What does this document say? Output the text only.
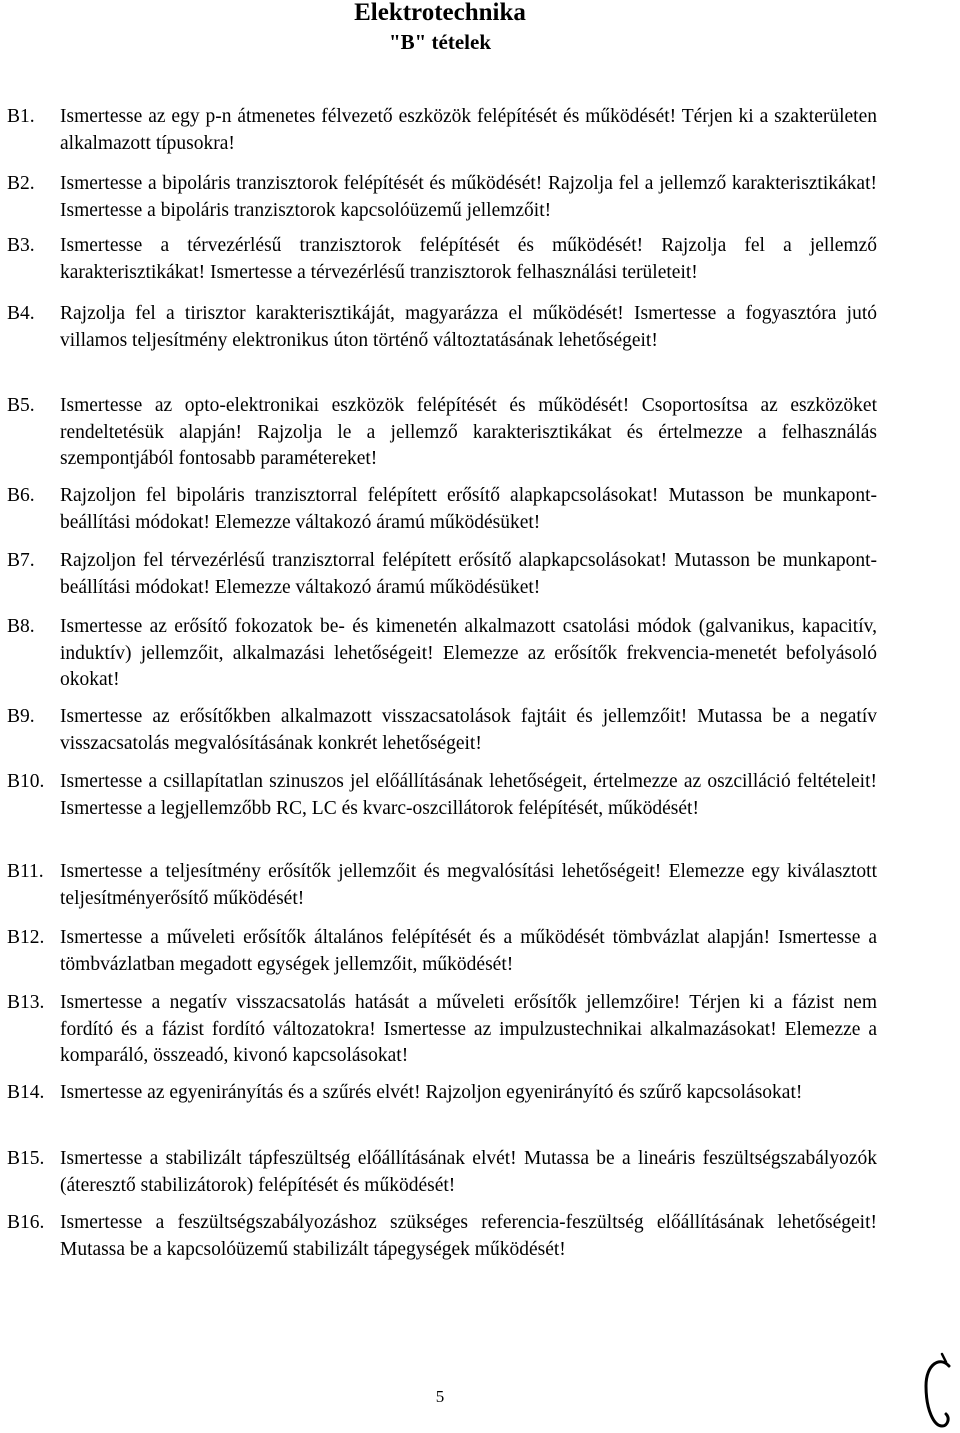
Elektrotechnika
"B" tételek
B1. Ismertesse az egy p-n átmenetes félvezető eszközök felépítését és működését! Térjen ki a szakterületen alkalmazott típusokra!

B2. Ismertesse a bipoláris tranzisztorok felépítését és működését! Rajzolja fel a jellemző karakterisztikákat! Ismertesse a bipoláris tranzisztorok kapcsolóüzemű jellemzőit!

B3. Ismertesse a térvezérlésű tranzisztorok felépítését és működését! Rajzolja fel a jellemző karakterisztikákat! Ismertesse a térvezérlésű tranzisztorok felhasználási területeit!

B4. Rajzolja fel a tirisztor karakterisztikáját, magyarázza el működését! Ismertesse a fogyasztóra jutó villamos teljesítmény elektronikus úton történő változtatásának lehetőségeit!

B5. Ismertesse az opto-elektronikai eszközök felépítését és működését! Csoportosítsa az eszközöket rendeltetésük alapján! Rajzolja le a jellemző karakterisztikákat és értelmezze a felhasználás szempontjából fontosabb paramétereket!

B6. Rajzoljon fel bipoláris tranzisztorral felépített erősítő alapkapcsolásokat! Mutasson be munkapont-beállítási módokat! Elemezze váltakozó áramú működésüket!

B7. Rajzoljon fel térvezérlésű tranzisztorral felépített erősítő alapkapcsolásokat! Mutasson be munkapont-beállítási módokat! Elemezze váltakozó áramú működésüket!

B8. Ismertesse az erősítő fokozatok be- és kimenetén alkalmazott csatolási módok (galvanikus, kapacitív, induktív) jellemzőit, alkalmazási lehetőségeit! Elemezze az erősítők frekvencia-menetét befolyásoló okokat!

B9. Ismertesse az erősítőkben alkalmazott visszacsatolások fajtáit és jellemzőit! Mutassa be a negatív visszacsatolás megvalósításának konkrét lehetőségeit!

B10. Ismertesse a csillapítatlan szinuszos jel előállításának lehetőségeit, értelmezze az oszcilláció feltételeit! Ismertesse a legjellemzőbb RC, LC és kvarc-oszcillátorok felépítését, működését!

B11. Ismertesse a teljesítmény erősítők jellemzőit és megvalósítási lehetőségeit! Elemezze egy kiválasztott teljesítményerősítő működését!

B12. Ismertesse a műveleti erősítők általános felépítését és a működését tömbvázlat alapján! Ismertesse a tömbvázlatban megadott egységek jellemzőit, működését!

B13. Ismertesse a negatív visszacsatolás hatását a műveleti erősítők jellemzőire! Térjen ki a fázist nem fordító és a fázist fordító változatokra! Ismertesse az impulzustechnikai alkalmazásokat! Elemezze a komparáló, összeadó, kivonó kapcsolásokat!

B14. Ismertesse az egyenirányítás és a szűrés elvét! Rajzoljon egyenirányító és szűrő kapcsolásokat!

B15. Ismertesse a stabilizált tápfeszültség előállításának elvét! Mutassa be a lineáris feszültségszabályozók (áteresztő stabilizátorok) felépítését és működését!

B16. Ismertesse a feszültségszabályozáshoz szükséges referencia-feszültség előállításának lehetőségeit! Mutassa be a kapcsolóüzemű stabilizált tápegységek működését!

5
